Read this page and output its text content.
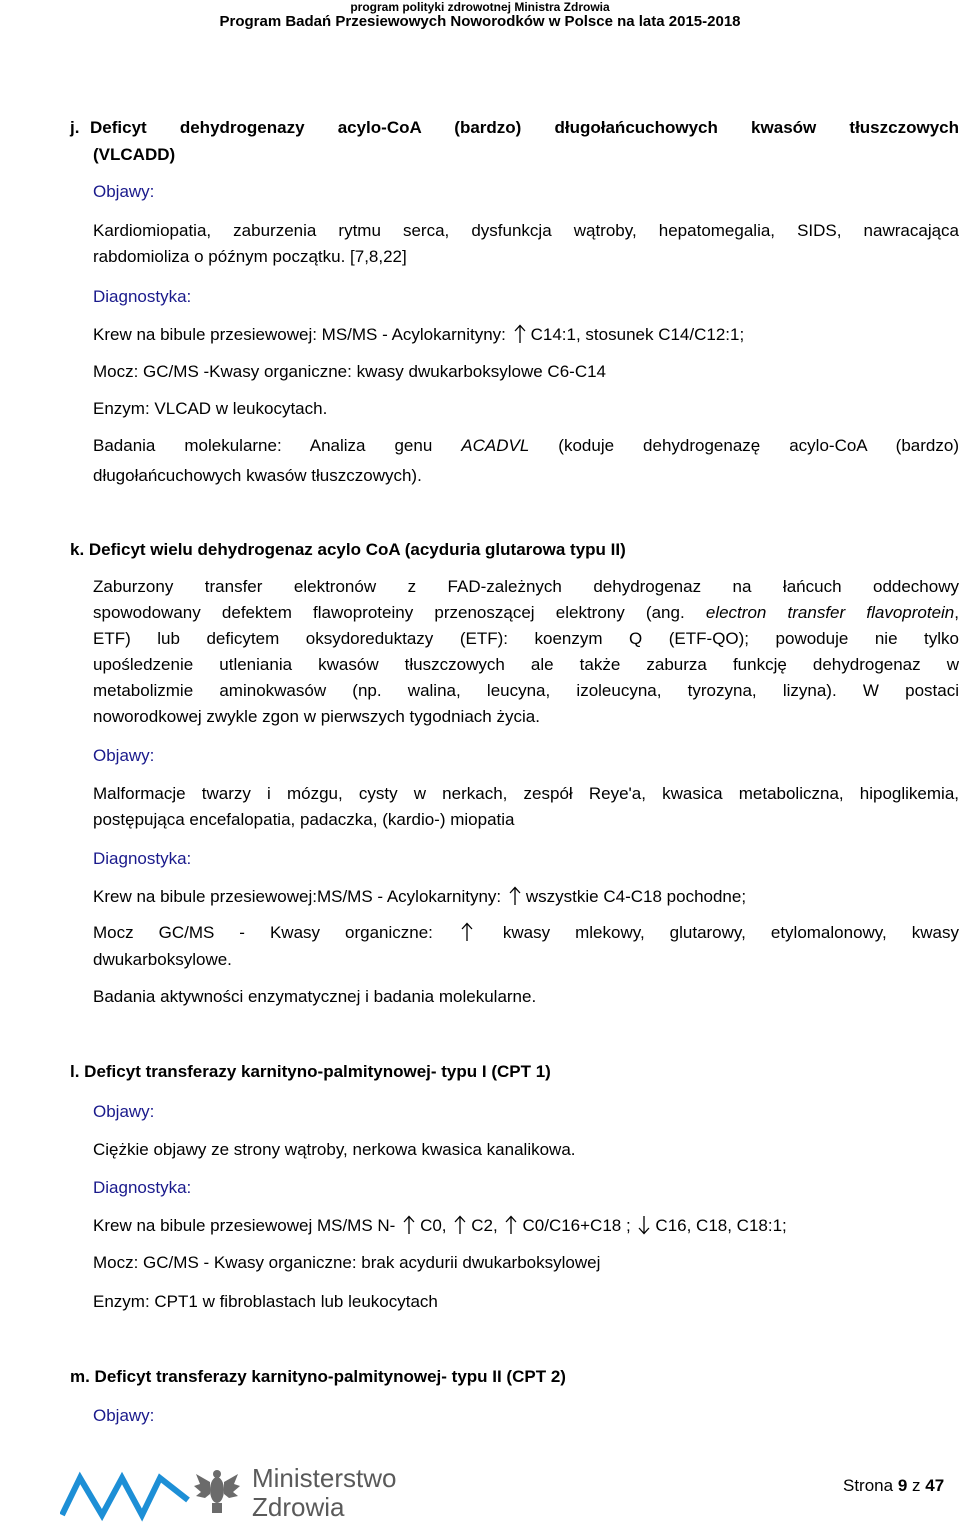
program polityki zdrowotnej Ministra Zdrowia
Program Badań Przesiewowych Noworodków w Polsce na lata 2015-2018
j. Deficyt dehydrogenazy acylo-CoA (bardzo) długołańcuchowych kwasów tłuszczowych
(VLCADD)
Objawy:
Kardiomiopatia, zaburzenia rytmu serca, dysfunkcja wątroby, hepatomegalia, SIDS, nawracająca
rabdomioliza o późnym początku. [7,8,22]
Diagnostyka:
Krew na bibule przesiewowej: MS/MS - Acylokarnityny: C14:1, stosunek C14/C12:1;
Mocz: GC/MS -Kwasy organiczne: kwasy dwukarboksylowe C6-C14
Enzym: VLCAD w leukocytach.
Badania molekularne: Analiza genu ACADVL (koduje dehydrogenazę acylo-CoA (bardzo)
długołańcuchowych kwasów tłuszczowych).
k. Deficyt wielu dehydrogenaz acylo CoA (acyduria glutarowa typu II)
Zaburzony transfer elektronów z FAD-zależnych dehydrogenaz na łańcuch oddechowy
spowodowany defektem flawoproteiny przenoszącej elektrony (ang. electron transfer flavoprotein,
ETF) lub deficytem oksydoreduktazy (ETF): koenzym Q (ETF-QO); powoduje nie tylko
upośledzenie utleniania kwasów tłuszczowych ale także zaburza funkcję dehydrogenaz w
metabolizmie aminokwasów (np. walina, leucyna, izoleucyna, tyrozyna, lizyna). W postaci
noworodkowej zwykle zgon w pierwszych tygodniach życia.
Objawy:
Malformacje twarzy i mózgu, cysty w nerkach, zespół Reye'a, kwasica metaboliczna, hipoglikemia,
postępująca encefalopatia, padaczka, (kardio-) miopatia
Diagnostyka:
Krew na bibule przesiewowej:MS/MS - Acylokarnityny: wszystkie C4-C18 pochodne;
Mocz GC/MS - Kwasy organiczne:	kwasy mlekowy, glutarowy, etylomalonowy, kwasy
dwukarboksylowe.
Badania aktywności enzymatycznej i badania molekularne.
l. Deficyt transferazy karnityno-palmitynowej- typu I (CPT 1)
Objawy:
Ciężkie objawy ze strony wątroby, nerkowa kwasica kanalikowa.
Diagnostyka:
Krew na bibule przesiewowej MS/MS N- C0, C2, C0/C16+C18 ; C16, C18, C18:1;
Mocz: GC/MS - Kwasy organiczne: brak acydurii dwukarboksylowej
Enzym: CPT1 w fibroblastach lub leukocytach
m. Deficyt transferazy karnityno-palmitynowej- typu II (CPT 2)
Objawy:
Ministerstwo
Zdrowia
Strona 9 z 47
